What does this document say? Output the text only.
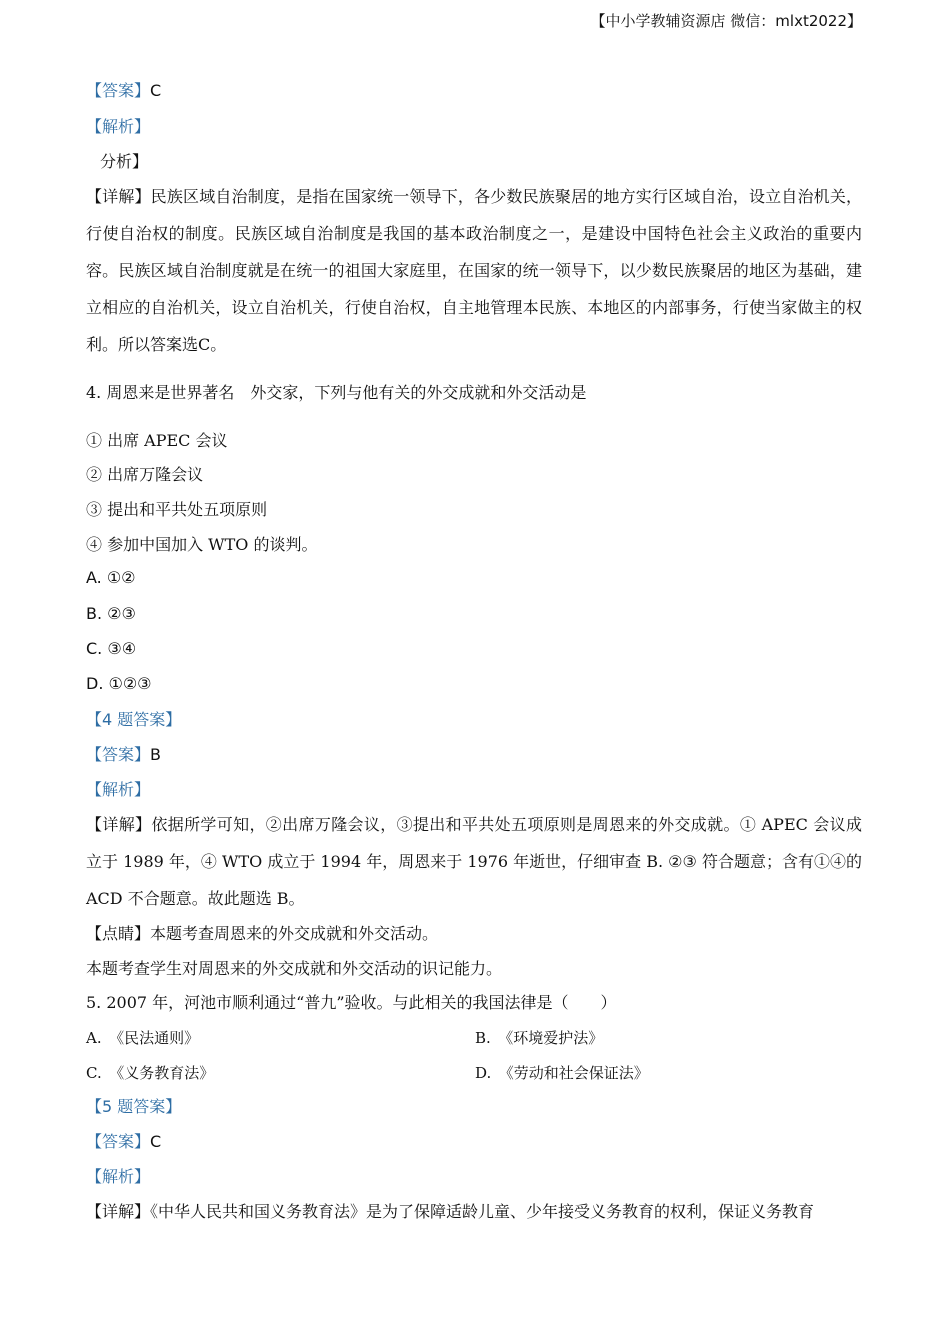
【中小学教辅资源店 微信：mlxt2022】
【答案】C
【解析】
分析】
【详解】民族区域自治制度，是指在国家统一领导下，各少数民族聚居的地方实行区域自治，设立自治机关，行使自治权的制度。民族区域自治制度是我国的基本政治制度之一，是建设中国特色社会主义政治的重要内容。民族区域自治制度就是在统一的祖国大家庭里，在国家的统一领导下，以少数民族聚居的地区为基础，建立相应的自治机关，设立自治机关，行使自治权，自主地管理本民族、本地区的内部事务，行使当家做主的权利。所以答案选C。
4. 周恩来是世界著名　外交家，下列与他有关的外交成就和外交活动是
① 出席 APEC 会议
② 出席万隆会议
③ 提出和平共处五项原则
④ 参加中国加入 WTO 的谈判。
A. ①②
B. ②③
C. ③④
D. ①②③
【4 题答案】
【答案】B
【解析】
【详解】依据所学可知，②出席万隆会议，③提出和平共处五项原则是周恩来的外交成就。① APEC 会议成立于 1989 年，④ WTO 成立于 1994 年，周恩来于 1976 年逝世，仔细审查 B. ②③ 符合题意；含有①④的 ACD 不合题意。故此题选 B。
【点睛】本题考查周恩来的外交成就和外交活动。
本题考查学生对周恩来的外交成就和外交活动的识记能力。
5. 2007 年，河池市顺利通过“普九”验收。与此相关的我国法律是（　　）
A.　《民法通则》	B.　《环境爱护法》
C.　《义务教育法》	D.　《劳动和社会保证法》
【5 题答案】
【答案】C
【解析】
【详解】《中华人民共和国义务教育法》是为了保障适龄儿童、少年接受义务教育的权利，保证义务教育
